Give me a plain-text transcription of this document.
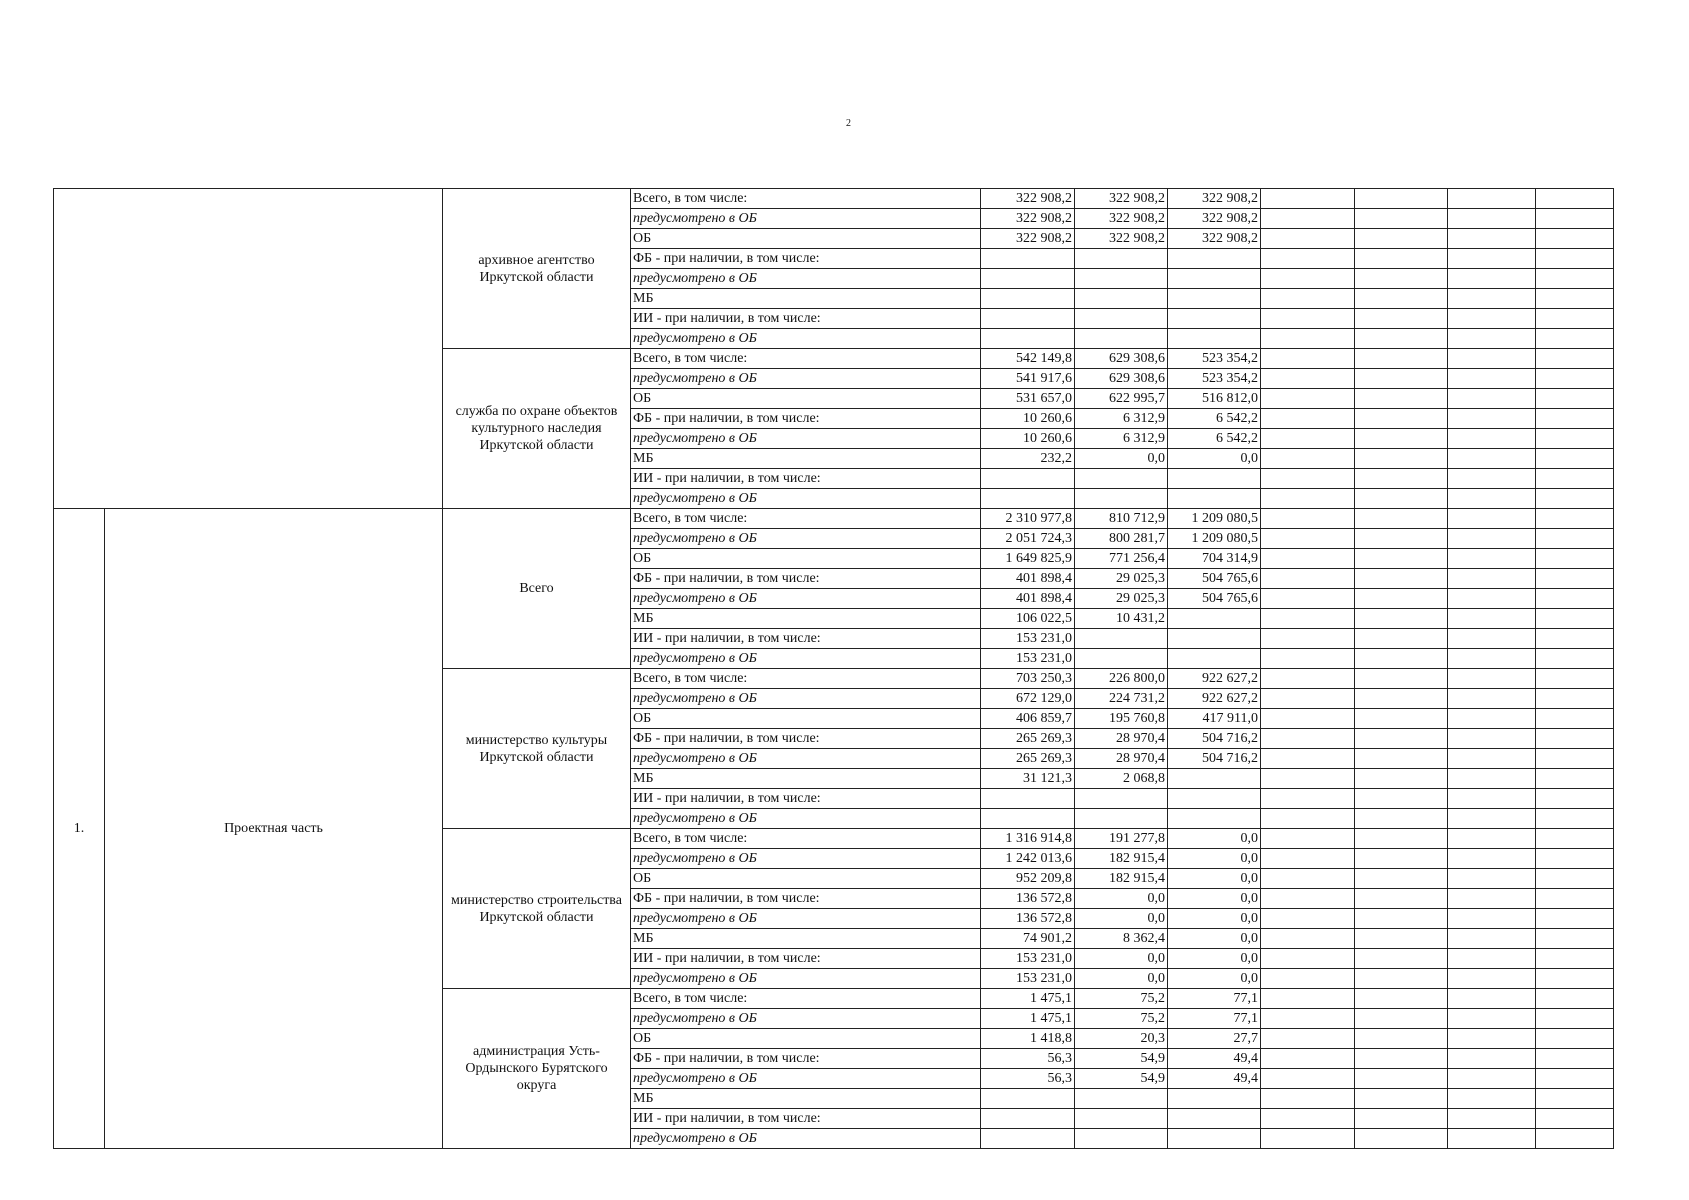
2
		архивное агентство Иркутской области	Всего, в том числе:	322 908,2	322 908,2	322 908,2				
			предусмотрено в ОБ	322 908,2	322 908,2	322 908,2				
			ОБ	322 908,2	322 908,2	322 908,2				
			ФБ - при наличии, в том числе:							
			предусмотрено в ОБ							
			МБ							
			ИИ - при наличии, в том числе:							
			предусмотрено в ОБ							
		служба по охране объектов культурного наследия Иркутской области	Всего, в том числе:	542 149,8	629 308,6	523 354,2				
			предусмотрено в ОБ	541 917,6	629 308,6	523 354,2				
			ОБ	531 657,0	622 995,7	516 812,0				
			ФБ - при наличии, в том числе:	10 260,6	6 312,9	6 542,2				
			предусмотрено в ОБ	10 260,6	6 312,9	6 542,2				
			МБ	232,2	0,0	0,0				
			ИИ - при наличии, в том числе:							
			предусмотрено в ОБ							
1.	Проектная часть	Всего	Всего, в том числе:	2 310 977,8	810 712,9	1 209 080,5				
			предусмотрено в ОБ	2 051 724,3	800 281,7	1 209 080,5				
			ОБ	1 649 825,9	771 256,4	704 314,9				
			ФБ - при наличии, в том числе:	401 898,4	29 025,3	504 765,6				
			предусмотрено в ОБ	401 898,4	29 025,3	504 765,6				
			МБ	106 022,5	10 431,2					
			ИИ - при наличии, в том числе:	153 231,0						
			предусмотрено в ОБ	153 231,0						
		министерство культуры Иркутской области	Всего, в том числе:	703 250,3	226 800,0	922 627,2				
			предусмотрено в ОБ	672 129,0	224 731,2	922 627,2				
			ОБ	406 859,7	195 760,8	417 911,0				
			ФБ - при наличии, в том числе:	265 269,3	28 970,4	504 716,2				
			предусмотрено в ОБ	265 269,3	28 970,4	504 716,2				
			МБ	31 121,3	2 068,8					
			ИИ - при наличии, в том числе:							
			предусмотрено в ОБ							
		министерство строительства Иркутской области	Всего, в том числе:	1 316 914,8	191 277,8	0,0				
			предусмотрено в ОБ	1 242 013,6	182 915,4	0,0				
			ОБ	952 209,8	182 915,4	0,0				
			ФБ - при наличии, в том числе:	136 572,8	0,0	0,0				
			предусмотрено в ОБ	136 572,8	0,0	0,0				
			МБ	74 901,2	8 362,4	0,0				
			ИИ - при наличии, в том числе:	153 231,0	0,0	0,0				
			предусмотрено в ОБ	153 231,0	0,0	0,0				
		администрация Усть-Ордынского Бурятского округа	Всего, в том числе:	1 475,1	75,2	77,1				
			предусмотрено в ОБ	1 475,1	75,2	77,1				
			ОБ	1 418,8	20,3	27,7				
			ФБ - при наличии, в том числе:	56,3	54,9	49,4				
			предусмотрено в ОБ	56,3	54,9	49,4				
			МБ							
			ИИ - при наличии, в том числе:							
			предусмотрено в ОБ							
